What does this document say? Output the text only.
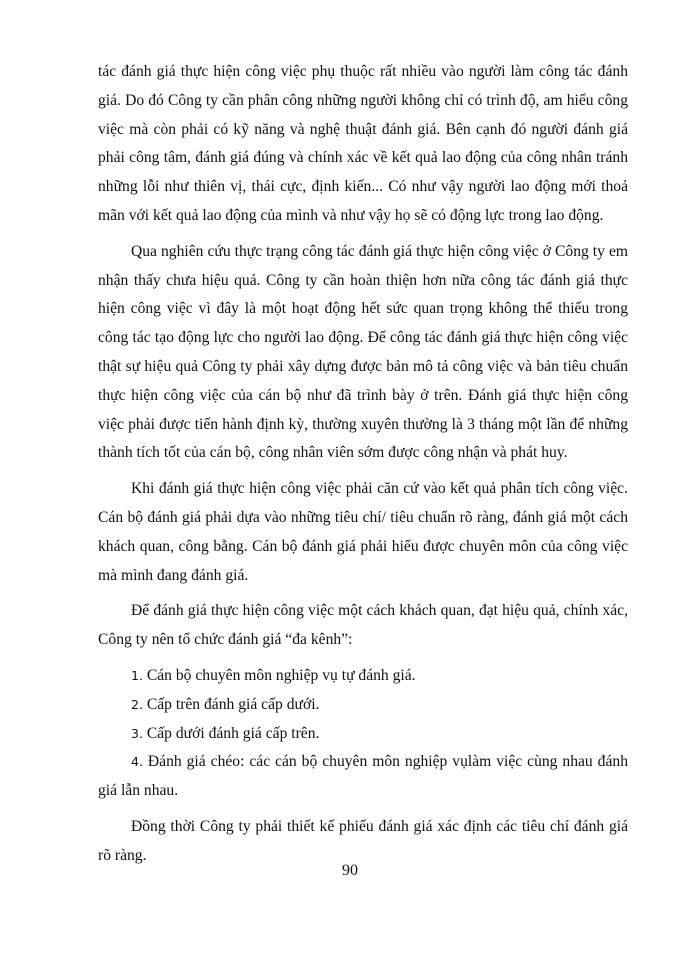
tác đánh giá thực hiện công việc phụ thuộc rất nhiều vào người làm công tác đánh giá. Do đó Công ty cần phân công những người không chỉ có trình độ, am hiểu công việc mà còn phải có kỹ năng và nghệ thuật đánh giá. Bên cạnh đó người đánh giá phải công tâm, đánh giá đúng và chính xác về kết quả lao động của công nhân tránh những lỗi như thiên vị, thái cực, định kiến... Có như vậy người lao động mới thoả mãn với kết quả lao động của mình và như vậy họ sẽ có động lực trong lao động.

Qua nghiên cứu thực trạng công tác đánh giá thực hiện công việc ở Công ty em nhận thấy chưa hiệu quả. Công ty cần hoàn thiện hơn nữa công tác đánh giá thực hiện công việc vì đây là một hoạt động hết sức quan trọng không thể thiếu trong công tác tạo động lực cho người lao động. Để công tác đánh giá thực hiện công việc thật sự hiệu quả Công ty phải xây dựng được bản mô tả công việc và bản tiêu chuẩn thực hiện công việc của cán bộ như đã trình bày ở trên. Đánh giá thực hiện công việc phải được tiến hành định kỳ, thường xuyên thường là 3 tháng một lần để những thành tích tốt của cán bộ, công nhân viên sớm được công nhận và phát huy.

Khi đánh giá thực hiện công việc phải căn cứ vào kết quả phân tích công việc. Cán bộ đánh giá phải dựa vào những tiêu chí/ tiêu chuẩn rõ ràng, đánh giá một cách khách quan, công bằng. Cán bộ đánh giá phải hiểu được chuyên môn của công việc mà mình đang đánh giá.

Để đánh giá thực hiện công việc một cách khách quan, đạt hiệu quả, chính xác, Công ty nên tổ chức đánh giá “đa kênh”:

1. Cán bộ chuyên môn nghiệp vụ tự đánh giá.

2. Cấp trên đánh giá cấp dưới.

3. Cấp dưới đánh giá cấp trên.

4. Đánh giá chéo: các cán bộ chuyên môn nghiệp vụlàm việc cùng nhau đánh giá lẫn nhau.

Đồng thời Công ty phải thiết kế phiếu đánh giá xác định các tiêu chí đánh giá rõ ràng.

90
